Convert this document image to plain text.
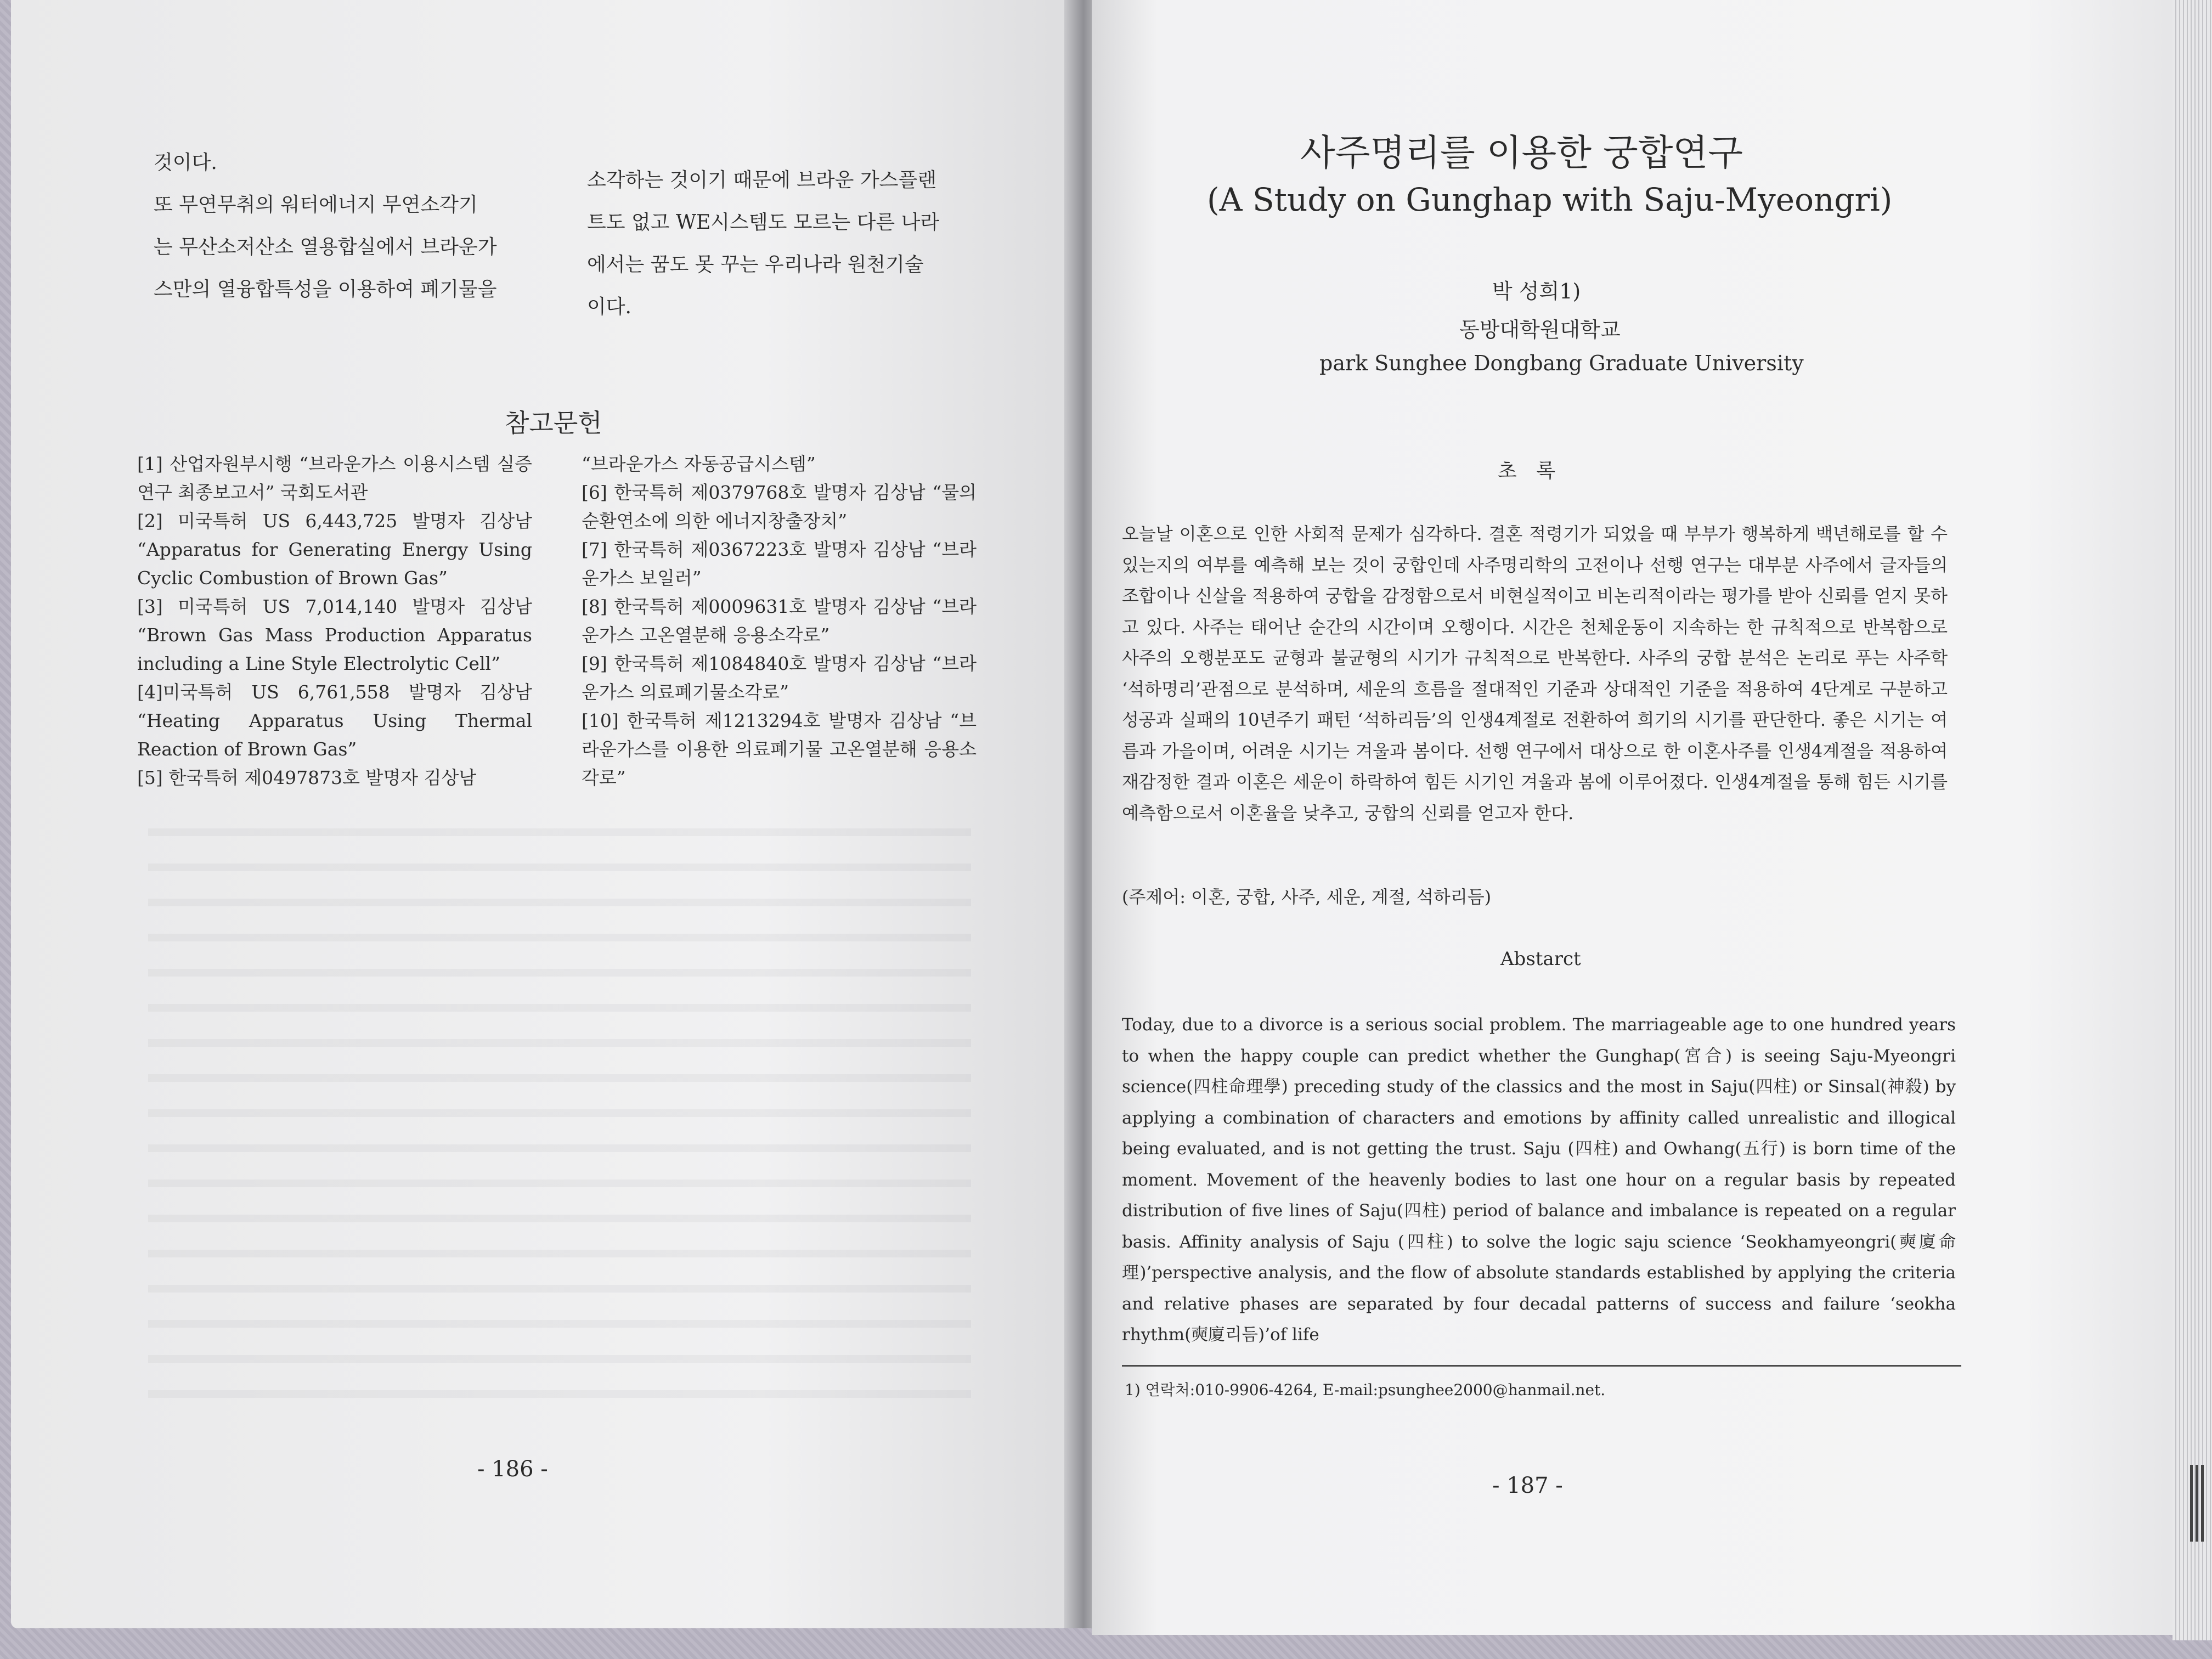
것이다.
또 무연무취의 워터에너지 무연소각기
는 무산소저산소 열용합실에서 브라운가
스만의 열융합특성을 이용하여 폐기물을
소각하는 것이기 때문에 브라운 가스플랜
트도 없고 WE시스템도 모르는 다른 나라
에서는 꿈도 못 꾸는 우리나라 원천기술
이다.
참고문헌

[1] 산업자원부시행 “브라운가스 이용시스템 실증연구 최종보고서” 국회도서관

[2] 미국특허 US 6,443,725 발명자 김상남 “Apparatus for Generating Energy Using Cyclic Combustion of Brown Gas”

[3] 미국특허 US 7,014,140 발명자 김상남 “Brown Gas Mass Production Apparatus including a Line Style Electrolytic Cell”

[4]미국특허 US 6,761,558 발명자 김상남 “Heating Apparatus Using Thermal Reaction of Brown Gas”

[5] 한국특허 제0497873호 발명자 김상남

“브라운가스 자동공급시스템”

[6] 한국특허 제0379768호 발명자 김상남 “물의 순환연소에 의한 에너지창출장치”

[7] 한국특허 제0367223호 발명자 김상남 “브라운가스 보일러”

[8] 한국특허 제0009631호 발명자 김상남 “브라운가스 고온열분해 응용소각로”

[9] 한국특허 제1084840호 발명자 김상남 “브라운가스 의료폐기물소각로”

[10] 한국특허 제1213294호 발명자 김상남 “브라운가스를 이용한 의료폐기물 고온열분해 응용소각로”

- 186 -
사주명리를 이용한 궁합연구
(A Study on Gunghap with Saju-Myeongri)
박 성희1)
동방대학원대학교
park Sunghee Dongbang Graduate University
초 록
오늘날 이혼으로 인한 사회적 문제가 심각하다. 결혼 적령기가 되었을 때 부부가 행복하게 백년해로를 할 수 있는지의 여부를 예측해 보는 것이 궁합인데 사주명리학의 고전이나 선행 연구는 대부분 사주에서 글자들의 조합이나 신살을 적용하여 궁합을 감정함으로서 비현실적이고 비논리적이라는 평가를 받아 신뢰를 얻지 못하고 있다. 사주는 태어난 순간의 시간이며 오행이다. 시간은 천체운동이 지속하는 한 규칙적으로 반복함으로 사주의 오행분포도 균형과 불균형의 시기가 규칙적으로 반복한다. 사주의 궁합 분석은 논리로 푸는 사주학 ‘석하명리’관점으로 분석하며, 세운의 흐름을 절대적인 기준과 상대적인 기준을 적용하여 4단계로 구분하고 성공과 실패의 10년주기 패턴 ‘석하리듬’의 인생4계절로 전환하여 희기의 시기를 판단한다. 좋은 시기는 여름과 가을이며, 어려운 시기는 겨울과 봄이다. 선행 연구에서 대상으로 한 이혼사주를 인생4계절을 적용하여 재감정한 결과 이혼은 세운이 하락하여 힘든 시기인 겨울과 봄에 이루어졌다. 인생4계절을 통해 힘든 시기를 예측함으로서 이혼율을 낮추고, 궁합의 신뢰를 얻고자 한다.
(주제어: 이혼, 궁합, 사주, 세운, 계절, 석하리듬)
Abstarct
Today, due to a divorce is a serious social problem. The marriageable age to one hundred years to when the happy couple can predict whether the Gunghap(宮合) is seeing Saju-Myeongri science(四柱命理學) preceding study of the classics and the most in Saju(四柱) or Sinsal(神殺) by applying a combination of characters and emotions by affinity called unrealistic and illogical being evaluated, and is not getting the trust. Saju (四柱) and Owhang(五行) is born time of the moment. Movement of the heavenly bodies to last one hour on a regular basis by repeated distribution of five lines of Saju(四柱) period of balance and imbalance is repeated on a regular basis. Affinity analysis of Saju (四柱) to solve the logic saju science ‘Seokhamyeongri(奭廈命理)’perspective analysis, and the flow of absolute standards established by applying the criteria and relative phases are separated by four decadal patterns of success and failure ‘seokha rhythm(奭廈리듬)’of life
1) 연락처:010-9906-4264, E-mail:psunghee2000@hanmail.net.
- 187 -
